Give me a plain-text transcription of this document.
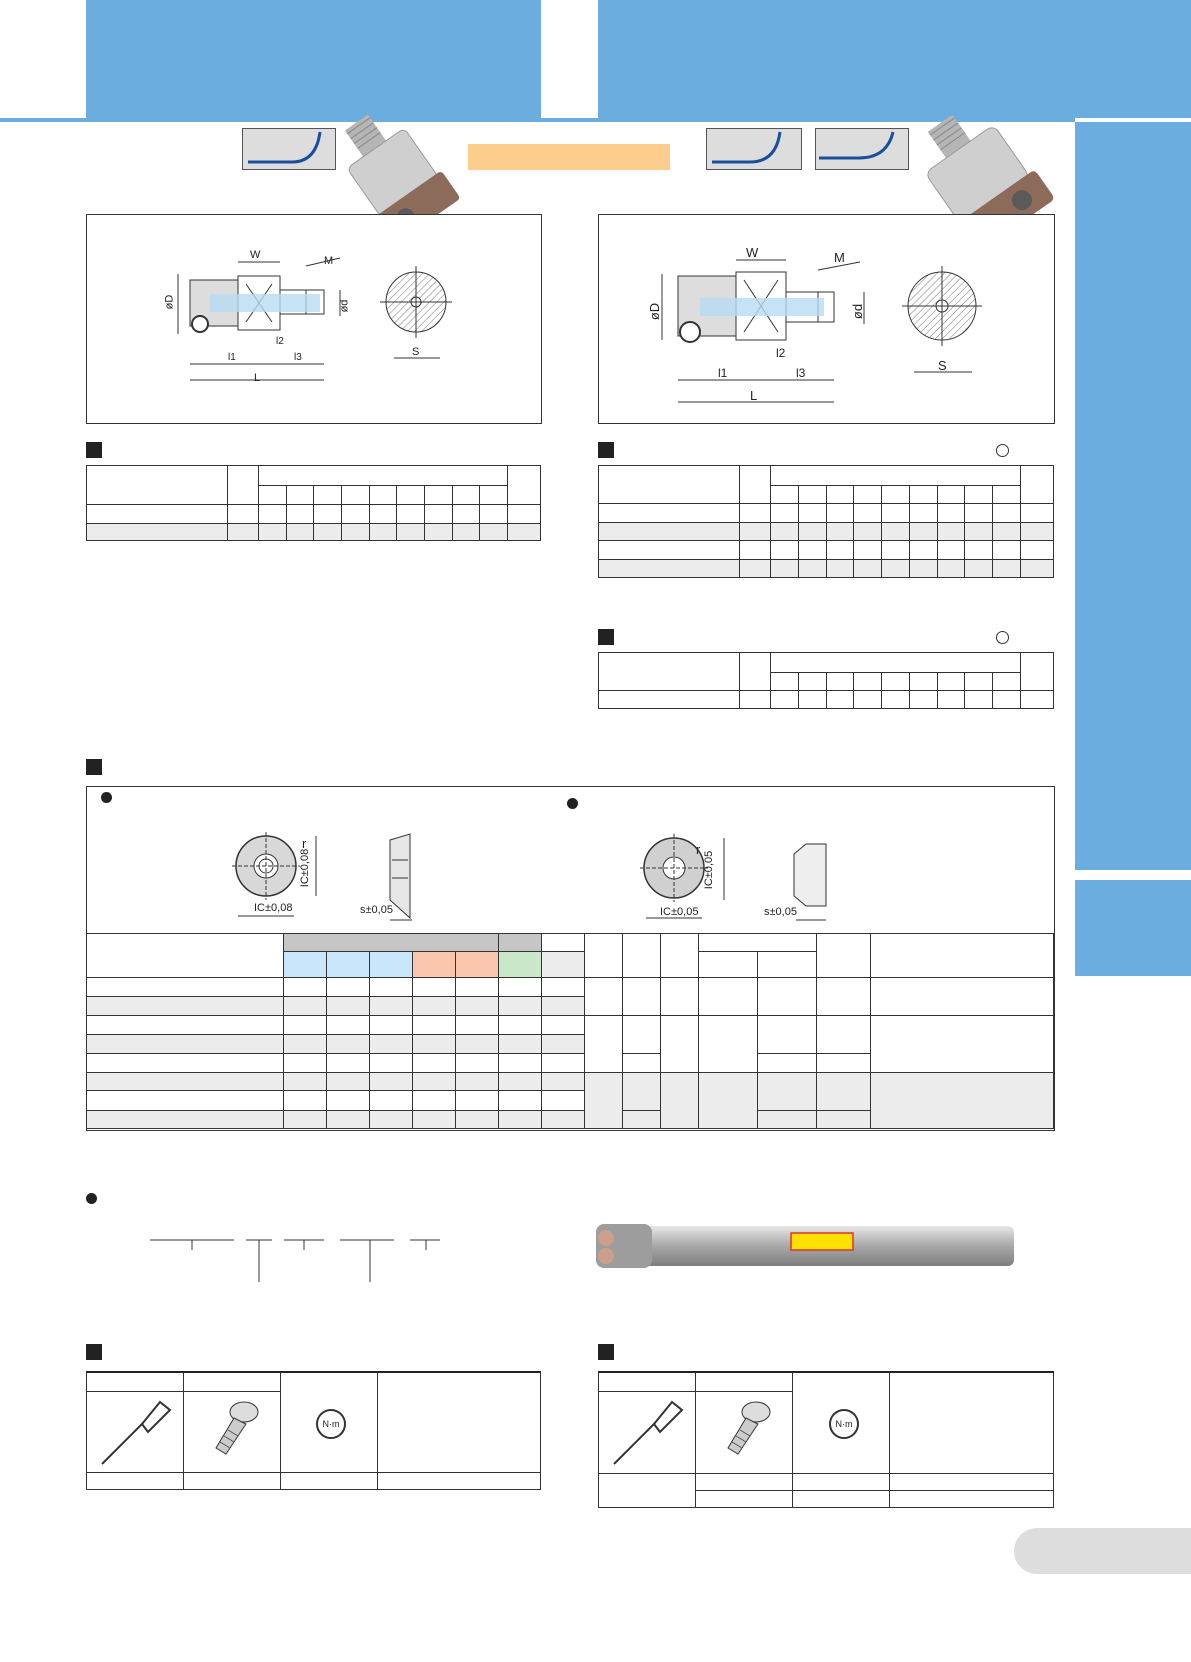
W	M
øD	ød
l2
l1	l3
L
S
W	M
øD	ød
l2
l1	l3
L
S

r
IC±0,08
IC±0,08	s±0,05
r
IC±0,05
IC±0,05	s±0,05

N·m

			N·m
